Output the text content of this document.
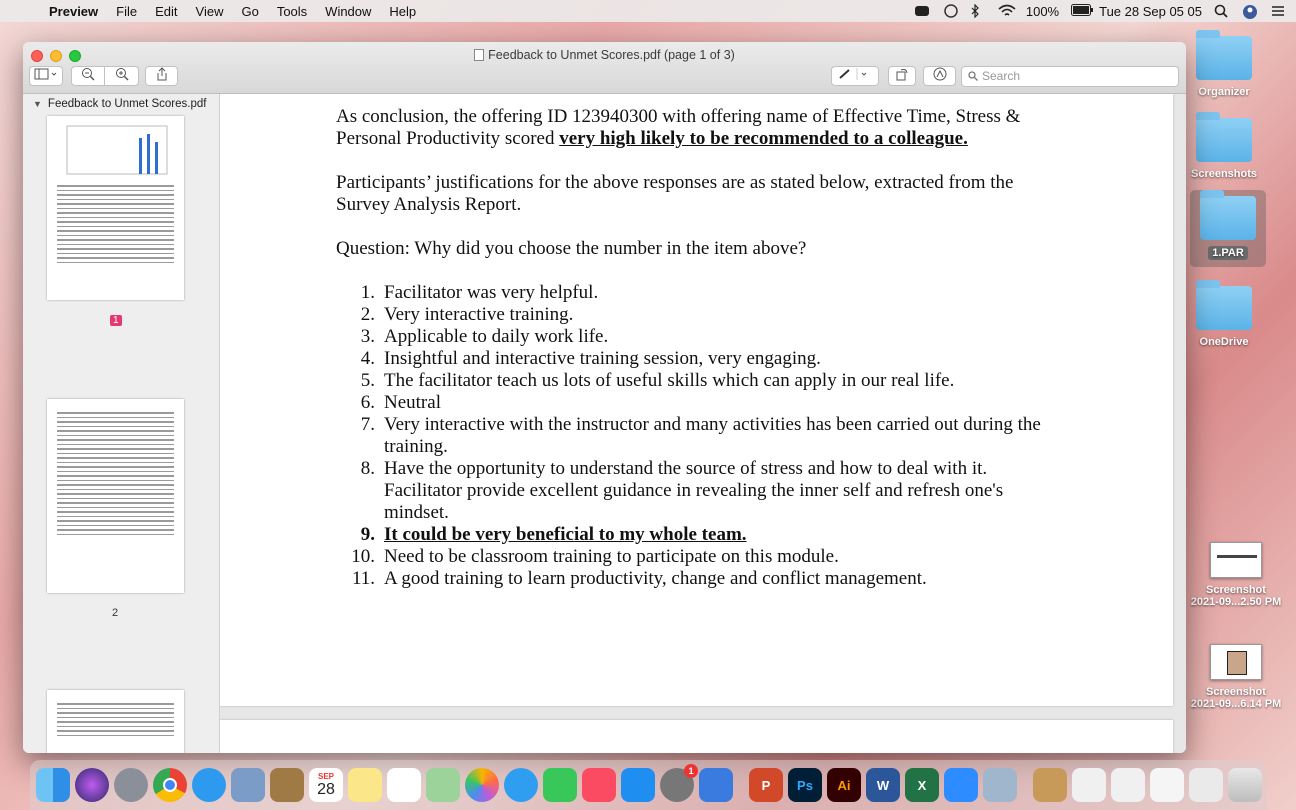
Preview	File	Edit	View	Go	Tools	Window	Help	100%	Tue 28 Sep 05 05
Organizer
Screenshots
1.PAR
OneDrive
Screenshot
2021-09...2.50 PM
Screenshot
2021-09...6.14 PM
Feedback to Unmet Scores.pdf (page 1 of 3)
Search
▼ Feedback to Unmet Scores.pdf
1
2

As conclusion, the offering ID 123940300 with offering name of Effective Time, Stress & Personal Productivity scored very high likely to be recommended to a colleague.

Participants’ justifications for the above responses are as stated below, extracted from the Survey Analysis Report.

Question: Why did you choose the number in the item above?

1. Facilitator was very helpful.
2. Very interactive training.
3. Applicable to daily work life.
4. Insightful and interactive training session, very engaging.
5. The facilitator teach us lots of useful skills which can apply in our real life.
6. Neutral
7. Very interactive with the instructor and many activities has been carried out during the training.
8. Have the opportunity to understand the source of stress and how to deal with it. Facilitator provide excellent guidance in revealing the inner self and refresh one's mindset.
9. It could be very beneficial to my whole team.
10. Need to be classroom training to participate on this module.
11. A good training to learn productivity, change and conflict management.
SEP
28
1
P	Ps	Ai	W	X
